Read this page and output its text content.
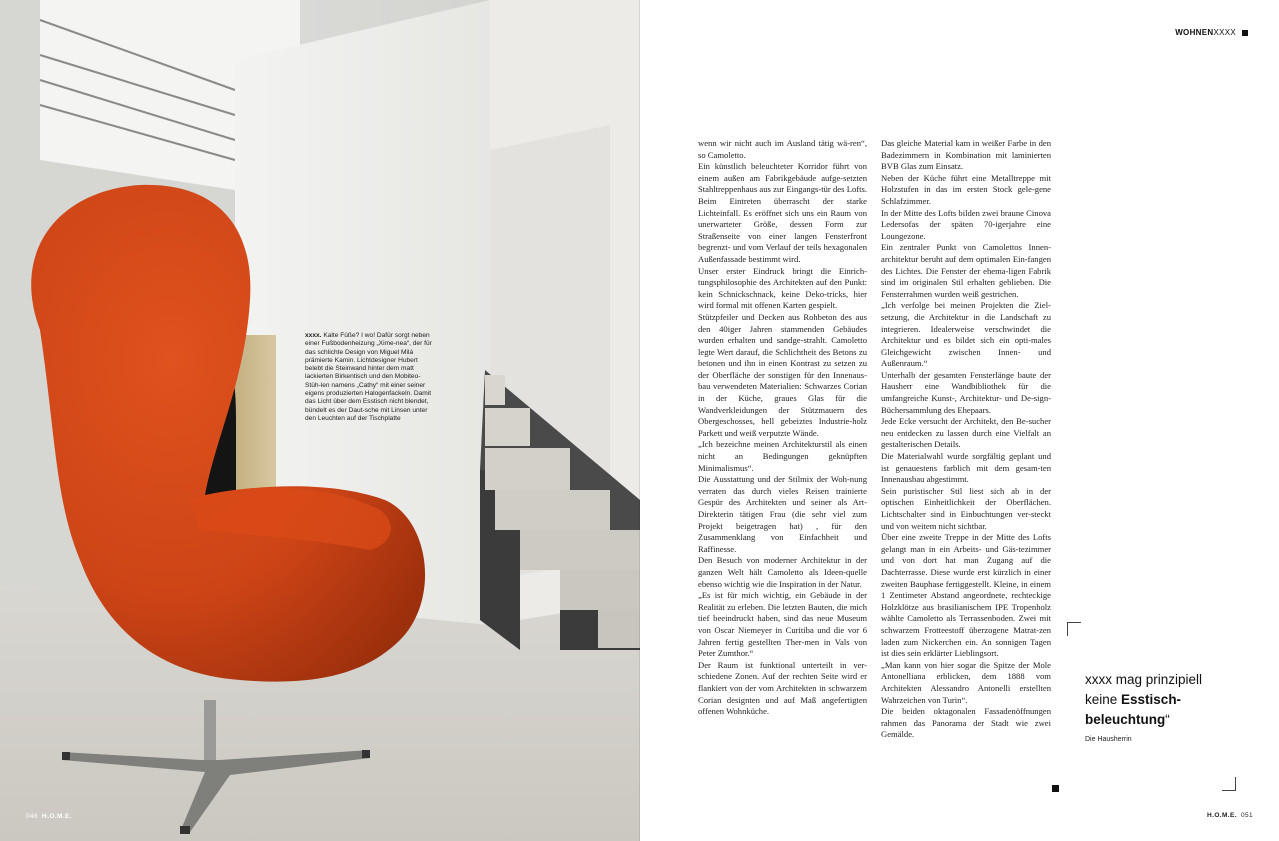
xxxx. Kalte Füße? I wo! Dafür sorgt neben einer Fußbodenheizung „Xime-nea“, der für das schlichte Design von Miguel Milá prämierte Kamin. Lichtdesigner Hubert belebt die Steinwand hinter dem matt lackierten Birkentisch und den Mobiteo-Stüh-len namens „Cathy“ mit einer seiner eigens produzierten Halogenfackeln. Damit das Licht über dem Esstisch nicht blendet, bündelt es der Daut-sche mit Linsen unter den Leuchten auf der Tischplatte
046 H.O.M.E.
WOHNEN XXXX

wenn wir nicht auch im Ausland tätig wä-ren“, so Camoletto.

Ein künstlich beleuchteter Korridor führt von einem außen am Fabrikgebäude aufge-setzten Stahltreppenhaus aus zur Eingangs-tür des Lofts. Beim Eintreten überrascht der starke Lichteinfall. Es eröffnet sich uns ein Raum von unerwarteter Größe, dessen Form zur Straßenseite von einer langen Fensterfront begrenzt- und vom Verlauf der teils hexagonalen Außenfassade bestimmt wird.

Unser erster Eindruck bringt die Einrich-tungsphilosophie des Architekten auf den Punkt: kein Schnickschnack, keine Deko-tricks, hier wird formal mit offenen Karten gespielt.

Stützpfeiler und Decken aus Rohbeton des aus den 40iger Jahren stammenden Gebäudes wurden erhalten und sandge-strahlt. Camoletto legte Wert darauf, die Schlichtheit des Betons zu betonen und ihn in einen Kontrast zu setzen zu der Oberfläche der sonstigen für den Innenaus-bau verwendeten Materialien: Schwarzes Corian in der Küche, graues Glas für die Wandverkleidungen der Stützmauern des Obergeschosses, hell gebeiztes Industrie-holz Parkett und weiß verputzte Wände.

„Ich bezeichne meinen Architekturstil als einen nicht an Bedingungen geknüpften Minimalismus“.

Die Ausstattung und der Stilmix der Woh-nung verraten das durch vieles Reisen trainierte Gespür des Architekten und seiner als Art-Direkterin tätigen Frau (die sehr viel zum Projekt beigetragen hat) , für den Zusammenklang von Einfachheit und Raffinesse.

Den Besuch von moderner Architektur in der ganzen Welt hält Camoletto als Ideen-quelle ebenso wichtig wie die Inspiration in der Natur.

„Es ist für mich wichtig, ein Gebäude in der Realität zu erleben. Die letzten Bauten, die mich tief beeindruckt haben, sind das neue Museum von Oscar Niemeyer in Curitiba und die vor 6 Jahren fertig gestellten Ther-men in Vals von Peter Zumthor.“

Der Raum ist funktional unterteilt in ver-schiedene Zonen. Auf der rechten Seite wird er flankiert von der vom Architekten in schwarzem Corian designten und auf Maß angefertigten offenen Wohnküche.

Das gleiche Material kam in weißer Farbe in den Badezimmern in Kombination mit laminierten BVB Glas zum Einsatz.

Neben der Küche führt eine Metalltreppe mit Holzstufen in das im ersten Stock gele-gene Schlafzimmer.

In der Mitte des Lofts bilden zwei braune Cinova Ledersofas der späten 70-igerjahre eine Loungezone.

Ein zentraler Punkt von Camolettos Innen-architektur beruht auf dem optimalen Ein-fangen des Lichtes. Die Fenster der ehema-ligen Fabrik sind im originalen Stil erhalten geblieben. Die Fensterrahmen wurden weiß gestrichen.

„Ich verfolge bei meinen Projekten die Ziel-setzung, die Architektur in die Landschaft zu integrieren. Idealerweise verschwindet die Architektur und es bildet sich ein opti-males Gleichgewicht zwischen Innen- und Außenraum.“

Unterhalb der gesamten Fensterlänge baute der Hausherr eine Wandbibliothek für die umfangreiche Kunst-, Architektur- und De-sign-Büchersammlung des Ehepaars.

Jede Ecke versucht der Architekt, den Be-sucher neu entdecken zu lassen durch eine Vielfalt an gestalterischen Details.

Die Materialwahl wurde sorgfältig geplant und ist genauestens farblich mit dem gesam-ten Innenausbau abgestimmt.

Sein puristischer Stil liest sich ab in der optischen Einheitlichkeit der Oberflächen. Lichtschalter sind in Einbuchtungen ver-steckt und von weitem nicht sichtbar.

Über eine zweite Treppe in der Mitte des Lofts gelangt man in ein Arbeits- und Gäs-tezimmer und von dort hat man Zugang auf die Dachterrasse. Diese wurde erst kürzlich in einer zweiten Bauphase fertiggestellt. Kleine, in einem 1 Zentimeter Abstand angeordnete, rechteckige Holzklötze aus brasilianischem IPE Tropenholz wählte Camoletto als Terrassenboden. Zwei mit schwarzem Frotteestoff überzogene Matrat-zen laden zum Nickerchen ein. An sonnigen Tagen ist dies sein erklärter Lieblingsort.

„Man kann von hier sogar die Spitze der Mole Antonelliana erblicken, dem 1888 vom Architekten Alessandro Antonelli erstellten Wahrzeichen von Turin“.

Die beiden oktagonalen Fassadenöffnungen rahmen das Panorama der Stadt wie zwei Gemälde.

xxxx mag prinzipiell
keine Esstisch-
beleuchtung“
Die Hausherrin
H.O.M.E. 051
